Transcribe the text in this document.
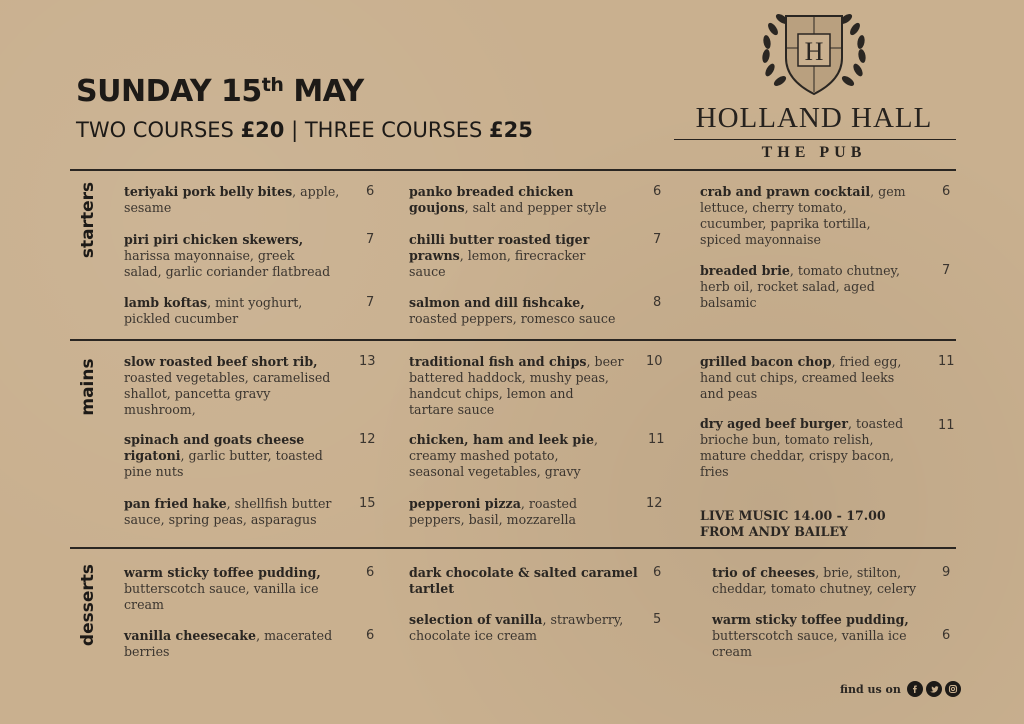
SUNDAY 15th MAY
TWO COURSES £20 | THREE COURSES £25
H
HOLLAND HALL
THE PUB
starters
mains
desserts
teriyaki pork belly bites, apple,
sesame
6
piri piri chicken skewers,
harissa mayonnaise, greek
salad, garlic coriander flatbread
7
lamb koftas, mint yoghurt,
pickled cucumber
7
panko breaded chicken
goujons, salt and pepper style
6
chilli butter roasted tiger
prawns, lemon, firecracker
sauce
7
salmon and dill fishcake,
roasted peppers, romesco sauce
8
crab and prawn cocktail, gem
lettuce, cherry tomato,
cucumber, paprika tortilla,
spiced mayonnaise
6
breaded brie, tomato chutney,
herb oil, rocket salad, aged
balsamic
7
slow roasted beef short rib,
roasted vegetables, caramelised
shallot, pancetta gravy
mushroom,
13
spinach and goats cheese
rigatoni, garlic butter, toasted
pine nuts
12
pan fried hake, shellfish butter
sauce, spring peas, asparagus
15
traditional fish and chips, beer
battered haddock, mushy peas,
handcut chips, lemon and
tartare sauce
10
chicken, ham and leek pie,
creamy mashed potato,
seasonal vegetables, gravy
11
pepperoni pizza, roasted
peppers, basil, mozzarella
12
grilled bacon chop, fried egg,
hand cut chips, creamed leeks
and peas
11
dry aged beef burger, toasted
brioche bun, tomato relish,
mature cheddar, crispy bacon,
fries
11
LIVE MUSIC 14.00 - 17.00
FROM ANDY BAILEY
warm sticky toffee pudding,
butterscotch sauce, vanilla ice
cream
6
vanilla cheesecake, macerated
berries
6
dark chocolate & salted caramel
tartlet
6
selection of vanilla, strawberry,
chocolate ice cream
5
trio of cheeses, brie, stilton,
cheddar, tomato chutney, celery
9
warm sticky toffee pudding,
butterscotch sauce, vanilla ice
cream
6
find us on
